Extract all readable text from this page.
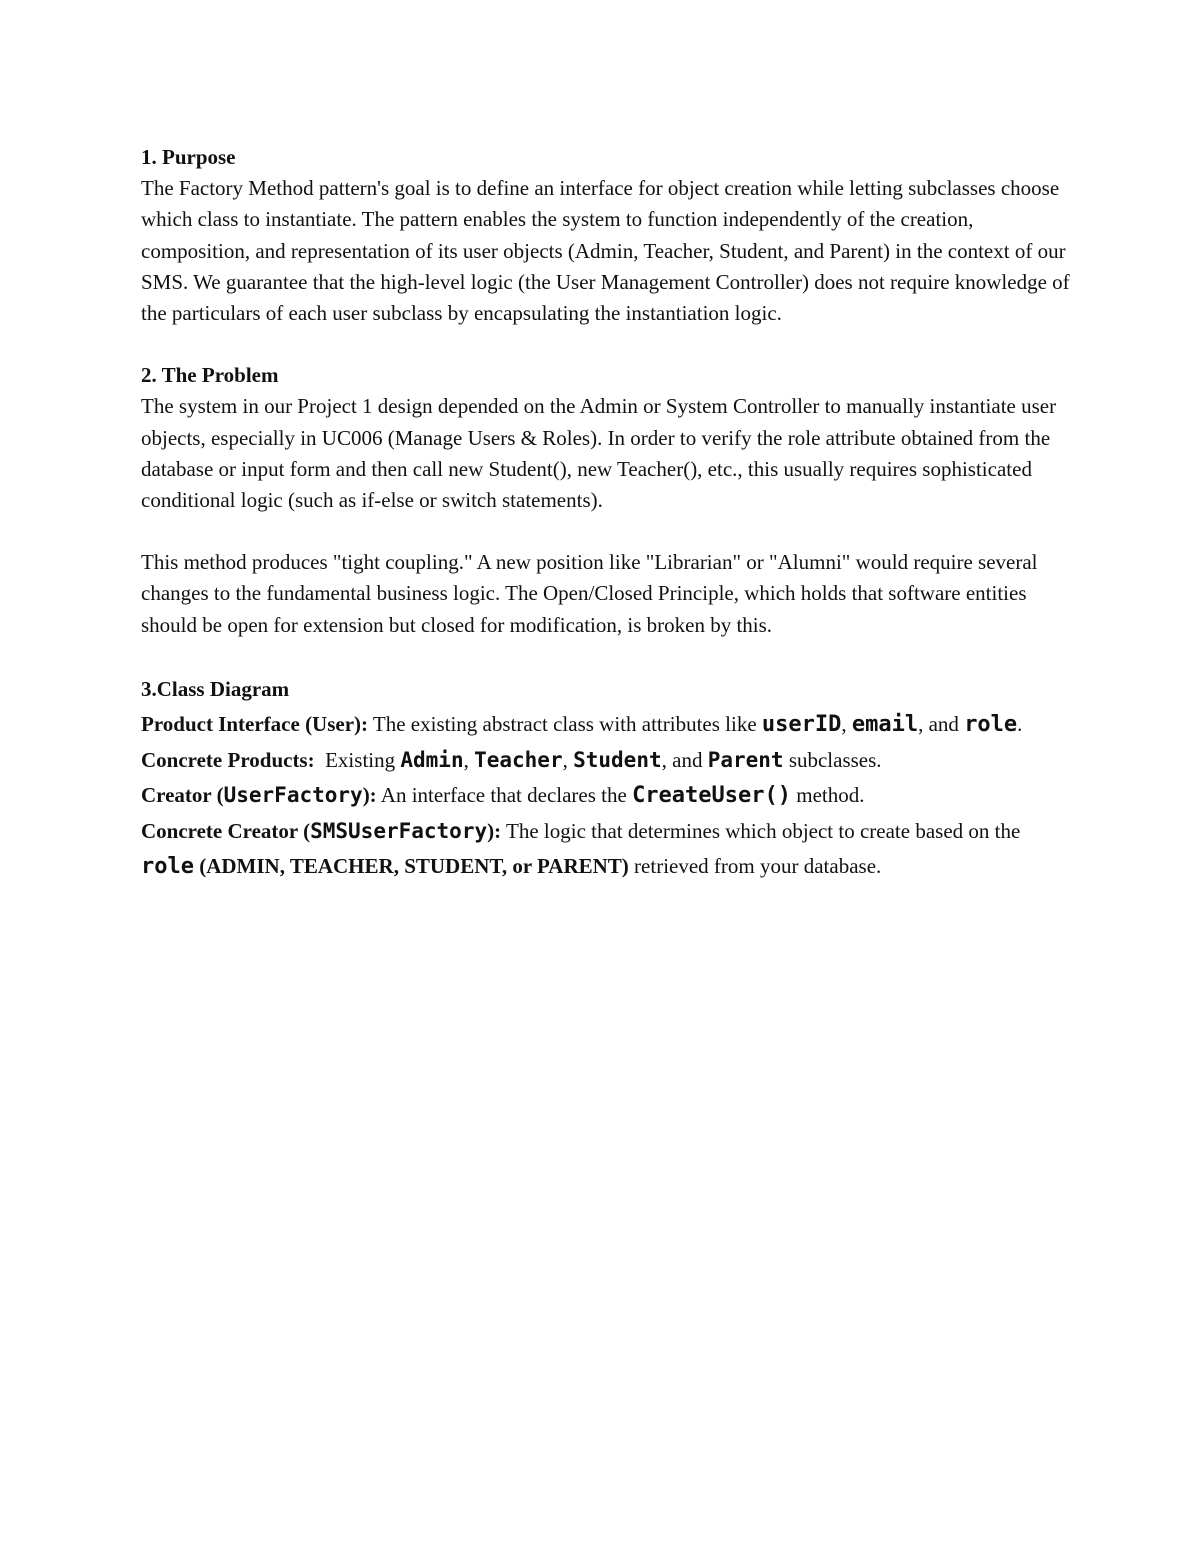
1. Purpose

The Factory Method pattern's goal is to define an interface for object creation while letting subclasses choose which class to instantiate. The pattern enables the system to function independently of the creation, composition, and representation of its user objects (Admin, Teacher, Student, and Parent) in the context of our SMS. We guarantee that the high-level logic (the User Management Controller) does not require knowledge of the particulars of each user subclass by encapsulating the instantiation logic.

2. The Problem

The system in our Project 1 design depended on the Admin or System Controller to manually instantiate user objects, especially in UC006 (Manage Users & Roles). In order to verify the role attribute obtained from the database or input form and then call new Student(), new Teacher(), etc., this usually requires sophisticated conditional logic (such as if-else or switch statements).

This method produces "tight coupling." A new position like "Librarian" or "Alumni" would require several changes to the fundamental business logic. The Open/Closed Principle, which holds that software entities should be open for extension but closed for modification, is broken by this.

3.Class Diagram

Product Interface (User): The existing abstract class with attributes like userID, email, and role.

Concrete Products:  Existing Admin, Teacher, Student, and Parent subclasses.

Creator (UserFactory): An interface that declares the CreateUser() method.

Concrete Creator (SMSUserFactory): The logic that determines which object to create based on the role (ADMIN, TEACHER, STUDENT, or PARENT) retrieved from your database.
